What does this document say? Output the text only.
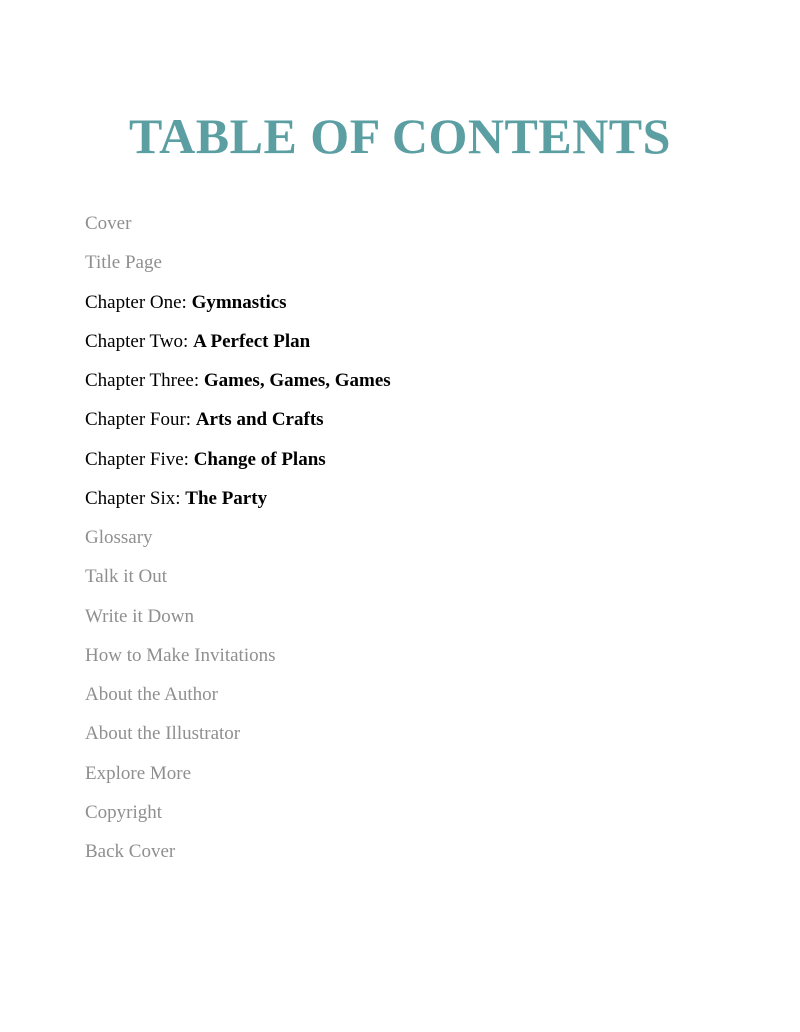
TABLE OF CONTENTS
Cover
Title Page
Chapter One: Gymnastics
Chapter Two: A Perfect Plan
Chapter Three: Games, Games, Games
Chapter Four: Arts and Crafts
Chapter Five: Change of Plans
Chapter Six: The Party
Glossary
Talk it Out
Write it Down
How to Make Invitations
About the Author
About the Illustrator
Explore More
Copyright
Back Cover
